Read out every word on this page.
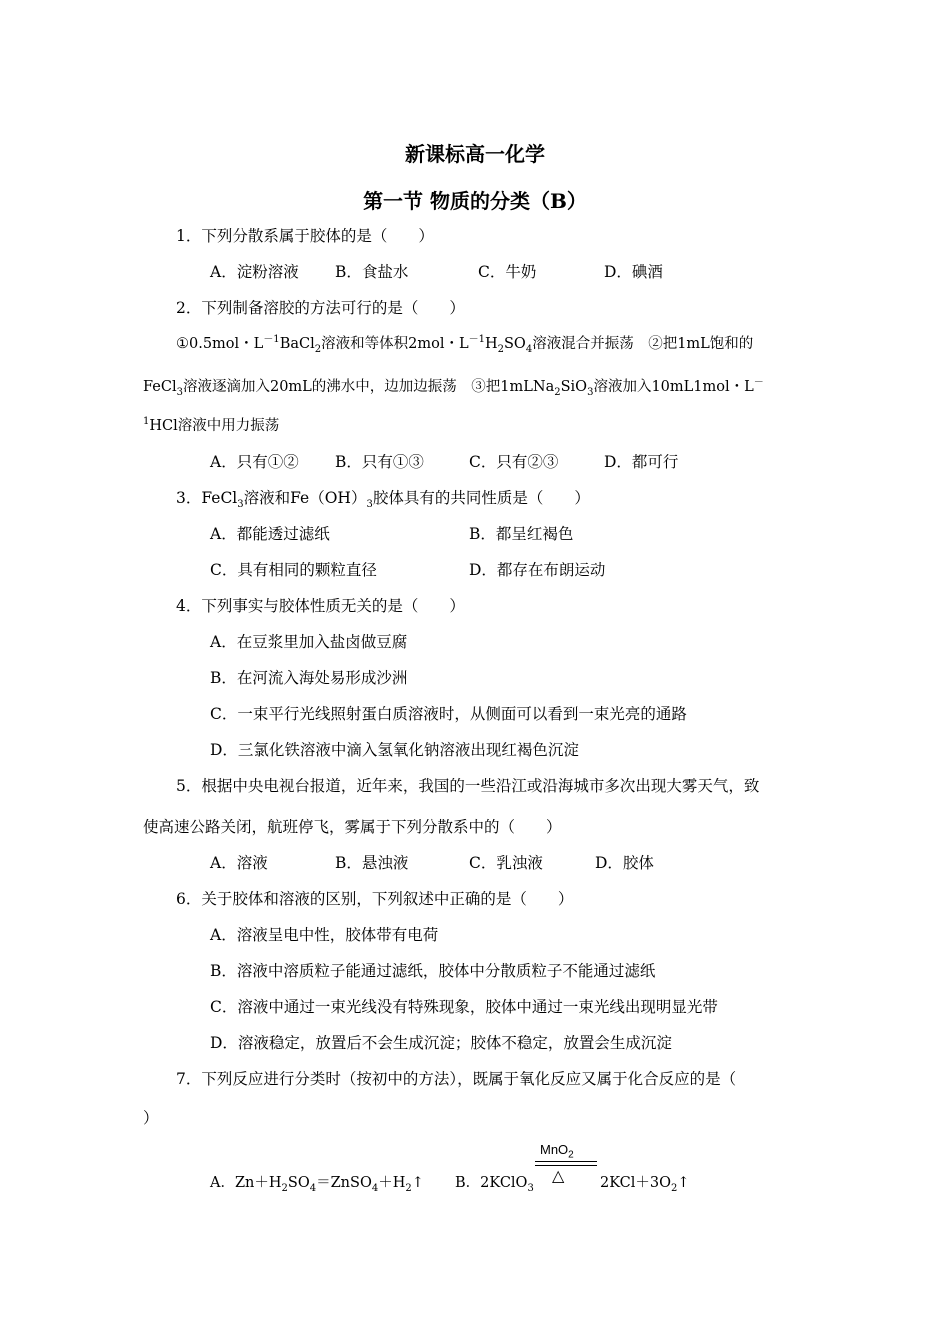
新课标高一化学
第一节 物质的分类（B）
1．下列分散系属于胶体的是（　　）
A．淀粉溶液 B．食盐水	C．牛奶	D．碘酒
2．下列制备溶胶的方法可行的是（　　）
①0.5mol・$L^{-1}BaCl_2$溶液和等体积2mol・$L^{-1}H_2SO_4$溶液混合并振荡　②把1mL饱和的
FeCl$_3$溶液逐滴加入20mL的沸水中，边加边振荡　③把1mLNa$_2$SiO$_3$溶液加入10mL1mol・L－
$^1$HCl溶液中用力振荡
A．只有①② B．只有①③	C．只有②③	D．都可行
3．FeCl$_3$溶液和$Fe(OH)_3$胶体具有的共同性质是（　　）
A．都能透过滤纸	B．都呈红褐色
C．具有相同的颗粒直径	D．都存在布朗运动
4．下列事实与胶体性质无关的是（　　）
A．在豆浆里加入盐卤做豆腐
B．在河流入海处易形成沙洲
C．一束平行光线照射蛋白质溶液时，从侧面可以看到一束光亮的通路
D．三氯化铁溶液中滴入氢氧化钠溶液出现红褐色沉淀
5．根据中央电视台报道，近年来，我国的一些沿江或沿海城市多次出现大雾天气，致
使高速公路关闭，航班停飞，雾属于下列分散系中的（　　）
A．溶液	B．悬浊液	C．乳浊液	D．胶体
6．关于胶体和溶液的区别，下列叙述中正确的是（　　）
A．溶液呈电中性，胶体带有电荷
B．溶液中溶质粒子能通过滤纸，胶体中分散质粒子不能通过滤纸
C．溶液中通过一束光线没有特殊现象，胶体中通过一束光线出现明显光带
D．溶液稳定，放置后不会生成沉淀；胶体不稳定，放置会生成沉淀
7．下列反应进行分类时（按初中的方法），既属于氧化反应又属于化合反应的是（
）
A．$Zn+H_2SO_4=ZnSO_4+H_2↑$ B．2KClO$_3$
MnO$_2$
△ $2KCl+3O_2↑$
